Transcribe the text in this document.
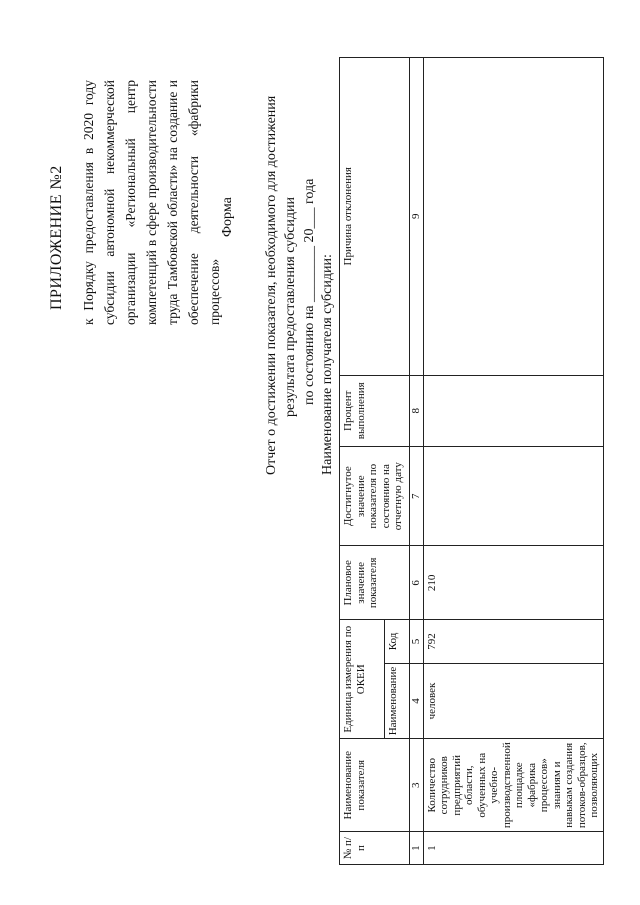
ПРИЛОЖЕНИЕ №2 к Порядку предоставления в 2020 году субсидии автономной некоммерческой организации «Региональный центр компетенций в сфере производительности труда Тамбовской области» на создание и обеспечение деятельности «фабрики процессов»
Форма Отчет о достижении показателя, необходимого для достижения результата предоставления субсидии по состоянию на ________ 20___ года Наименование получателя субсидии:
№ п/п	Наименование показателя	Единица измерения по ОКЕИ		Плановое значение показателя	Достигнутое значение показателя по состоянию на отчетную дату	Процент выполнения	Причина отклонения
		Наименование	Код				
1	3	4	5	6	7	8	9
1	Количество сотрудников предприятий области, обученных на учебно-производственной площадке «фабрика процессов» знаниям и навыкам создания потоков-образцов, позволяющих	человек	792	210			
